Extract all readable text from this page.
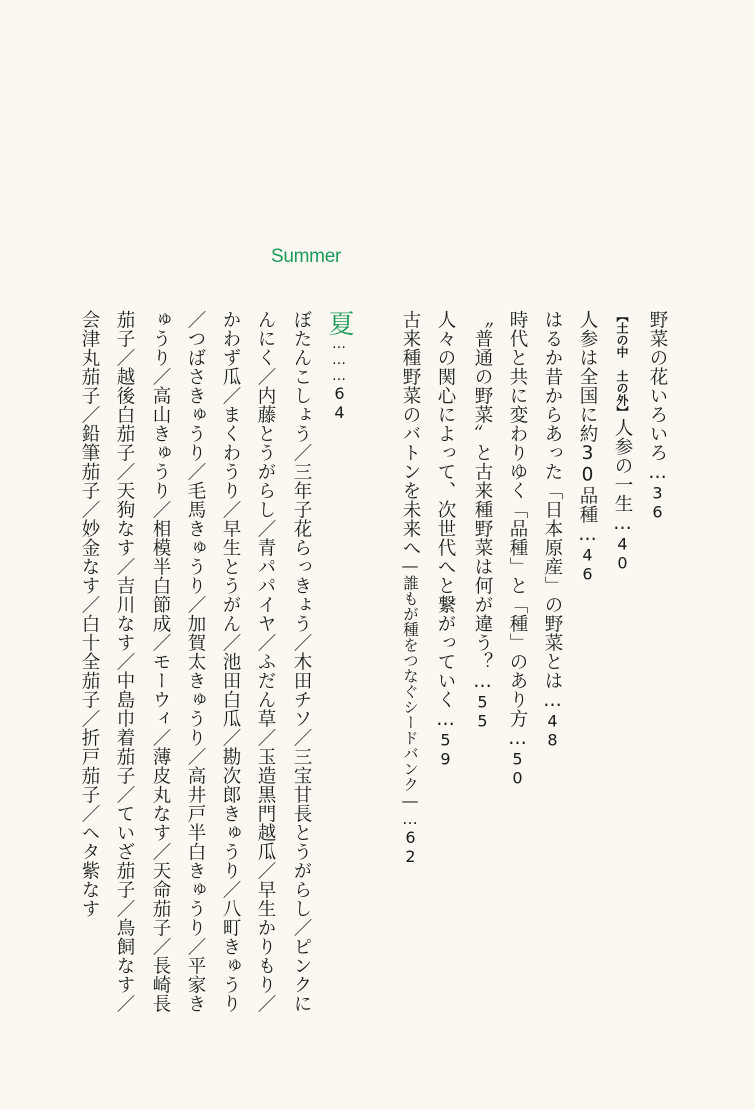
Summer
野菜の花いろいろ…36
【土の中　土の外】人参の一生…40
人参は全国に約30品種…46
はるか昔からあった「日本原産」の野菜とは…48
時代と共に変わりゆく「品種」と「種」のあり方…50
〝普通の野菜〟と古来種野菜は何が違う？…55
人々の関心によって、次世代へと繋がっていく…59
古来種野菜のバトンを未来へ―誰もが種をつなぐシードバンク―…62
夏………64
ぼたんこしょう／三年子花らっきょう／木田チソ／三宝甘長とうがらし／ピンクに
んにく／内藤とうがらし／青パパイヤ／ふだん草／玉造黒門越瓜／早生かりもり／
かわず瓜／まくわうり／早生とうがん／池田白瓜／勘次郎きゅうり／八町きゅうり
／つばさきゅうり／毛馬きゅうり／加賀太きゅうり／高井戸半白きゅうり／平家き
ゅうり／高山きゅうり／相模半白節成／モーウィ／薄皮丸なす／天命茄子／長崎長
茄子／越後白茄子／天狗なす／吉川なす／中島巾着茄子／ていざ茄子／鳥飼なす／
会津丸茄子／鉛筆茄子／妙金なす／白十全茄子／折戸茄子／ヘタ紫なす
